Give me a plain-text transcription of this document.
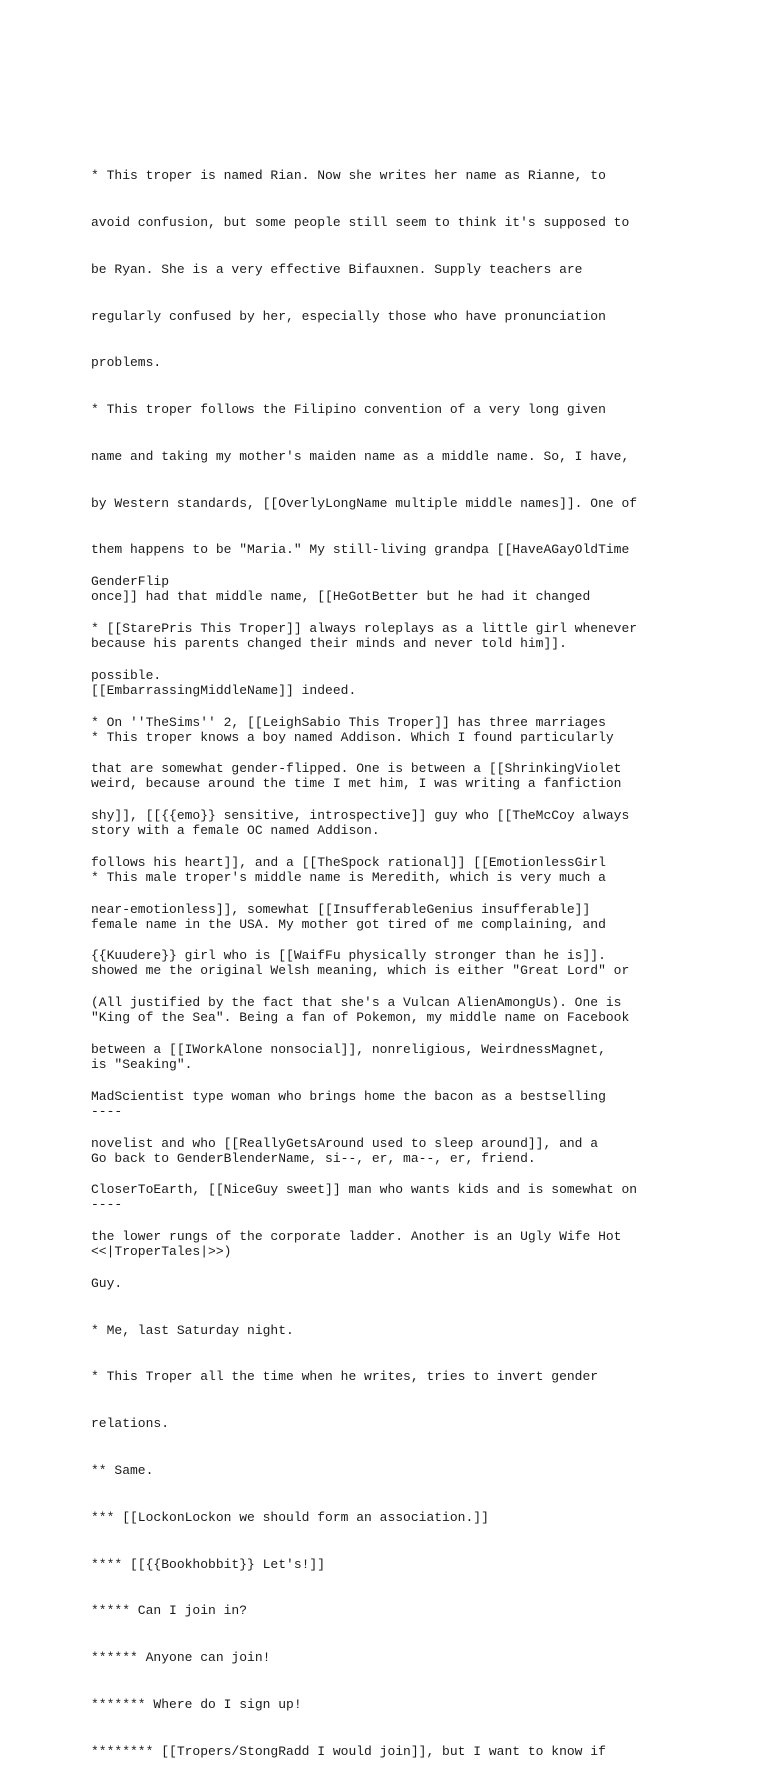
* This troper is named Rian. Now she writes her name as Rianne, to

avoid confusion, but some people still seem to think it's supposed to

be Ryan. She is a very effective Bifauxnen. Supply teachers are

regularly confused by her, especially those who have pronunciation

problems.

* This troper follows the Filipino convention of a very long given

name and taking my mother's maiden name as a middle name. So, I have,

by Western standards, [[OverlyLongName multiple middle names]]. One of

them happens to be "Maria." My still-living grandpa [[HaveAGayOldTime

once]] had that middle name, [[HeGotBetter but he had it changed

because his parents changed their minds and never told him]].

[[EmbarrassingMiddleName]] indeed.

* This troper knows a boy named Addison. Which I found particularly

weird, because around the time I met him, I was writing a fanfiction

story with a female OC named Addison.

* This male troper's middle name is Meredith, which is very much a

female name in the USA. My mother got tired of me complaining, and

showed me the original Welsh meaning, which is either "Great Lord" or

"King of the Sea". Being a fan of Pokemon, my middle name on Facebook

is "Seaking".

----

Go back to GenderBlenderName, si--, er, ma--, er, friend.

----

<<|TroperTales|>>)

GenderFlip

* [[StarePris This Troper]] always roleplays as a little girl whenever

possible.

* On ''TheSims'' 2, [[LeighSabio This Troper]] has three marriages

that are somewhat gender-flipped. One is between a [[ShrinkingViolet

shy]], [[{{emo}} sensitive, introspective]] guy who [[TheMcCoy always

follows his heart]], and a [[TheSpock rational]] [[EmotionlessGirl

near-emotionless]], somewhat [[InsufferableGenius insufferable]]

{{Kuudere}} girl who is [[WaifFu physically stronger than he is]].

(All justified by the fact that she's a Vulcan AlienAmongUs). One is

between a [[IWorkAlone nonsocial]], nonreligious, WeirdnessMagnet,

MadScientist type woman who brings home the bacon as a bestselling

novelist and who [[ReallyGetsAround used to sleep around]], and a

CloserToEarth, [[NiceGuy sweet]] man who wants kids and is somewhat on

the lower rungs of the corporate ladder. Another is an Ugly Wife Hot

Guy.

* Me, last Saturday night.

* This Troper all the time when he writes, tries to invert gender

relations.

** Same.

*** [[LockonLockon we should form an association.]]

**** [[{{Bookhobbit}} Let's!]]

***** Can I join in?

****** Anyone can join!

******* Where do I sign up!

******** [[Tropers/StongRadd I would join]], but I want to know if
